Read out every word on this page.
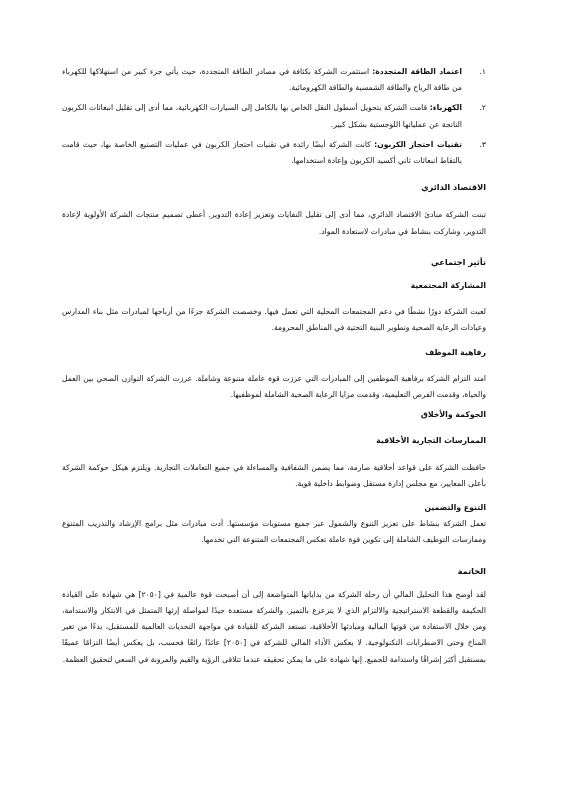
١.
اعتماد الطاقة المتجددة: استثمرت الشركة بكثافة في مصادر الطاقة المتجددة، حيث يأتي جزء كبير من استهلاكها للكهرباء من طاقة الرياح والطاقة الشمسية والطاقة الكهرومائية.
٢.
الكهرباء: قامت الشركة بتحويل أسطول النقل الخاص بها بالكامل إلى السيارات الكهربائية، مما أدى إلى تقليل انبعاثات الكربون الناتجة عن عملياتها اللوجستية بشكل كبير.
٣.
تقنيات احتجاز الكربون: كانت الشركة أيضًا رائدة في تقنيات احتجاز الكربون في عمليات التصنيع الخاصة بها، حيث قامت بالتقاط انبعاثات ثاني أكسيد الكربون وإعادة استخدامها.
الاقتصاد الدائري

تبنت الشركة مبادئ الاقتصاد الدائري، مما أدى إلى تقليل النفايات وتعزيز إعادة التدوير. أعطى تصميم منتجات الشركة الأولوية لإعادة التدوير، وشاركت بنشاط في مبادرات لاستعادة المواد.

تأثير اجتماعي
المشاركة المجتمعية

لعبت الشركة دورًا نشطًا في دعم المجتمعات المحلية التي تعمل فيها. وخصصت الشركة جزءًا من أرباحها لمبادرات مثل بناء المدارس وعيادات الرعاية الصحية وتطوير البنية التحتية في المناطق المحرومة.

رفاهية الموظف

امتد التزام الشركة برفاهية الموظفين إلى المبادرات التي عززت قوة عاملة متنوعة وشاملة. عززت الشركة التوازن الصحي بين العمل والحياة، وقدمت الفرص التعليمية، وقدمت مزايا الرعاية الصحية الشاملة لموظفيها.

الحوكمة والأخلاق
الممارسات التجارية الأخلاقية

حافظت الشركة على قواعد أخلاقية صارمة، مما يضمن الشفافية والمساءلة في جميع التعاملات التجارية. ويلتزم هيكل حوكمة الشركة بأعلى المعايير، مع مجلس إدارة مستقل وضوابط داخلية قوية.

التنوع والتضمين

تعمل الشركة بنشاط على تعزيز التنوع والشمول عبر جميع مستويات مؤسستها. أدت مبادرات مثل برامج الإرشاد والتدريب المتنوع وممارسات التوظيف الشاملة إلى تكوين قوة عاملة تعكس المجتمعات المتنوعة التي تخدمها.

الخاتمة

لقد أوضح هذا التحليل المالي أن رحلة الشركة من بداياتها المتواضعة إلى أن أصبحت قوة عالمية في [٢٠٥٠] هي شهادة على القيادة الحكيمة والقطعة الاستراتيجية والالتزام الذي لا يتزعزع بالتميز. والشركة مستعدة جيدًا لمواصلة إرثها المتمثل في الابتكار والاستدامة، ومن خلال الاستفادة من قوتها المالية ومبادئها الأخلاقية، تستعد الشركة للقيادة في مواجهة التحديات العالمية للمستقبل، بدءًا من تغير المناخ وحتى الاضطرابات التكنولوجية. لا يعكس الأداء المالي للشركة في [٢٠٥٠] عائدًا رائعًا فحسب، بل يعكس أيضًا التزامًا عميقًا بمستقبل أكثر إشراقًا واستدامة للجميع. إنها شهادة على ما يمكن تحقيقه عندما تتلاقى الرؤية والقيم والمرونة في السعي لتحقيق العظمة.
